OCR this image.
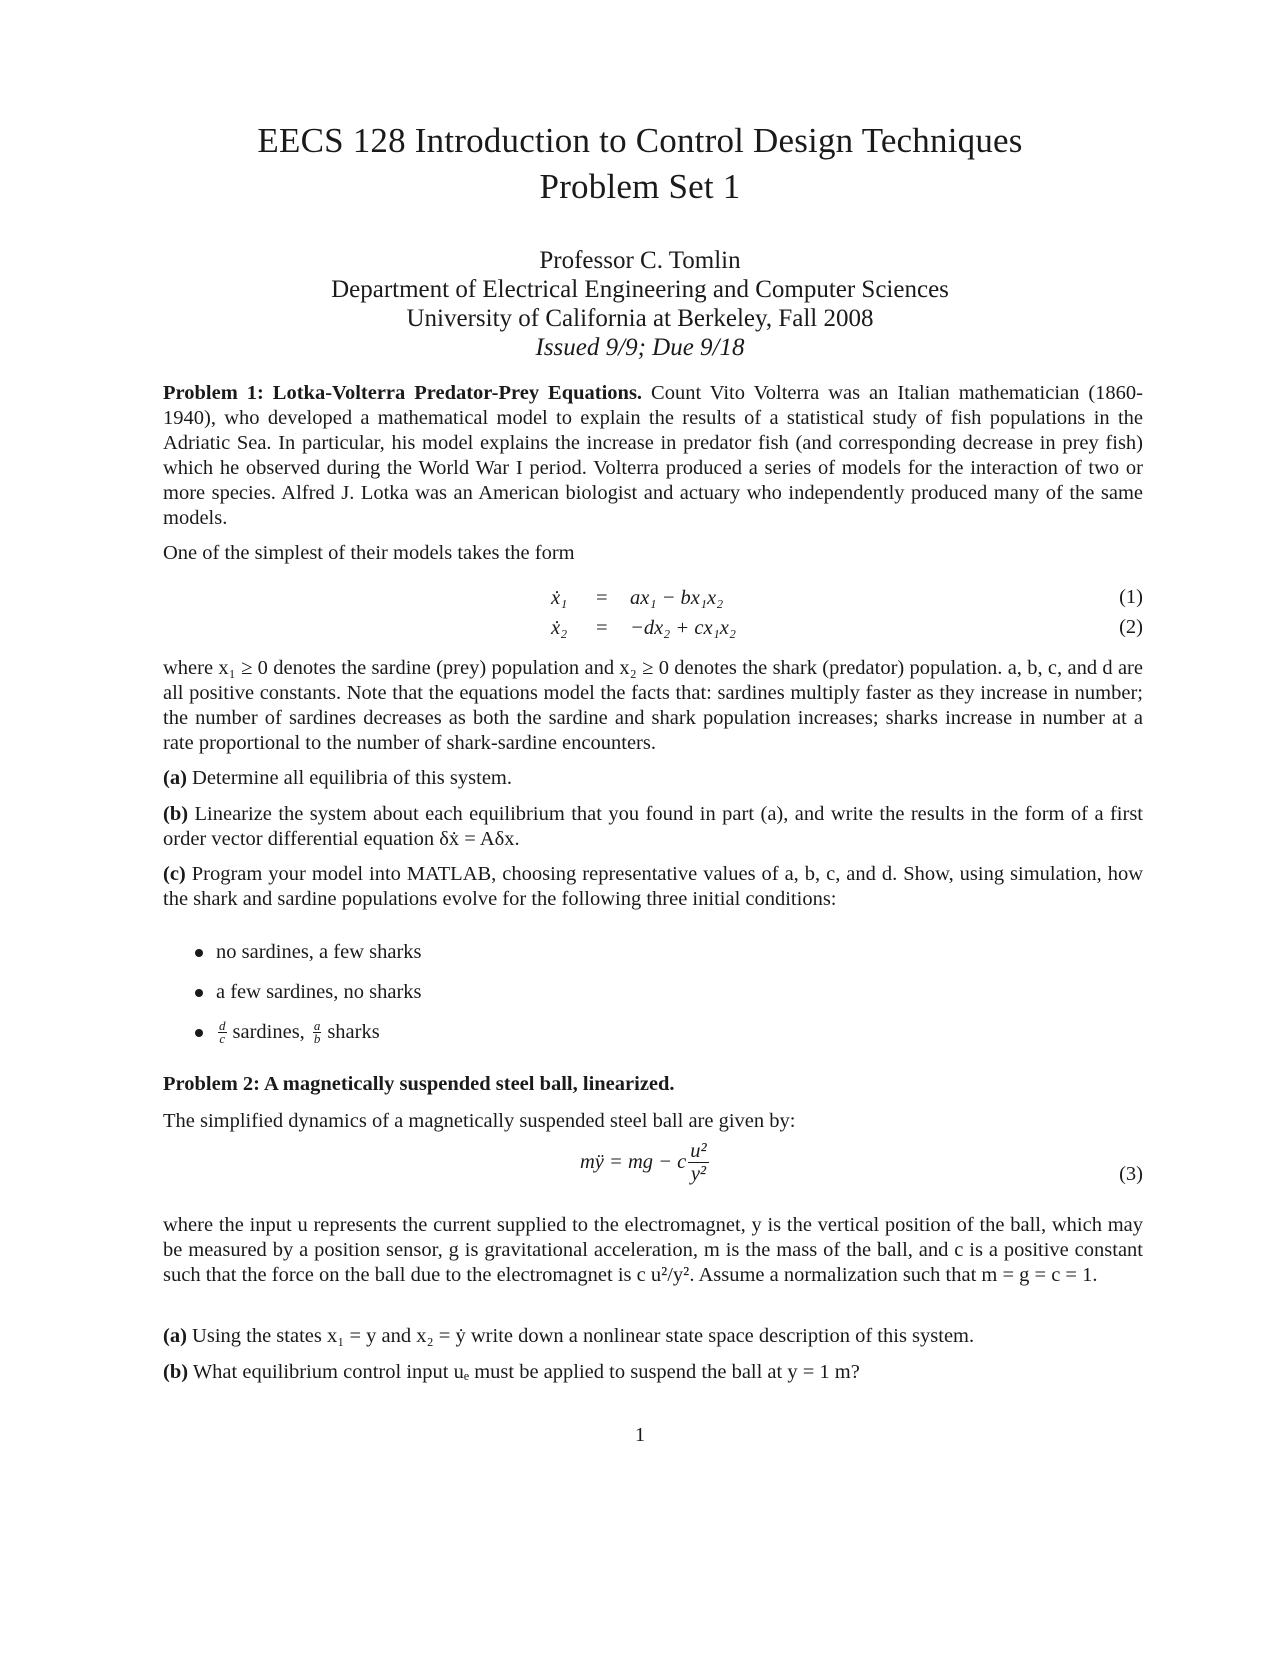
EECS 128 Introduction to Control Design Techniques
Problem Set 1
Professor C. Tomlin
Department of Electrical Engineering and Computer Sciences
University of California at Berkeley, Fall 2008
Issued 9/9; Due 9/18
Problem 1: Lotka-Volterra Predator-Prey Equations. Count Vito Volterra was an Italian mathematician (1860-1940), who developed a mathematical model to explain the results of a statistical study of fish populations in the Adriatic Sea. In particular, his model explains the increase in predator fish (and corresponding decrease in prey fish) which he observed during the World War I period. Volterra produced a series of models for the interaction of two or more species. Alfred J. Lotka was an American biologist and actuary who independently produced many of the same models.
One of the simplest of their models takes the form
ẋ₁ = ax₁ − bx₁x₂	(1)
ẋ₂ = −dx₂ + cx₁x₂	(2)
where x₁ ≥ 0 denotes the sardine (prey) population and x₂ ≥ 0 denotes the shark (predator) population. a, b, c, and d are all positive constants. Note that the equations model the facts that: sardines multiply faster as they increase in number; the number of sardines decreases as both the sardine and shark population increases; sharks increase in number at a rate proportional to the number of shark-sardine encounters.
(a) Determine all equilibria of this system.
(b) Linearize the system about each equilibrium that you found in part (a), and write the results in the form of a first order vector differential equation δẋ = Aδx.
(c) Program your model into MATLAB, choosing representative values of a, b, c, and d. Show, using simulation, how the shark and sardine populations evolve for the following three initial conditions:
no sardines, a few sharks
a few sardines, no sharks
$\frac{d}{c}$ sardines, $\frac{a}{b}$ sharks
Problem 2: A magnetically suspended steel ball, linearized.
The simplified dynamics of a magnetically suspended steel ball are given by:
mÿ = mg − c $\frac{\text{u²}}{\text{y²}}$	(3)
where the input u represents the current supplied to the electromagnet, y is the vertical position of the ball, which may be measured by a position sensor, g is gravitational acceleration, m is the mass of the ball, and c is a positive constant such that the force on the ball due to the electromagnet is c u²/y². Assume a normalization such that m = g = c = 1.
(a) Using the states x₁ = y and x₂ = ẏ write down a nonlinear state space description of this system.
(b) What equilibrium control input uₑ must be applied to suspend the ball at y = 1 m?
1
